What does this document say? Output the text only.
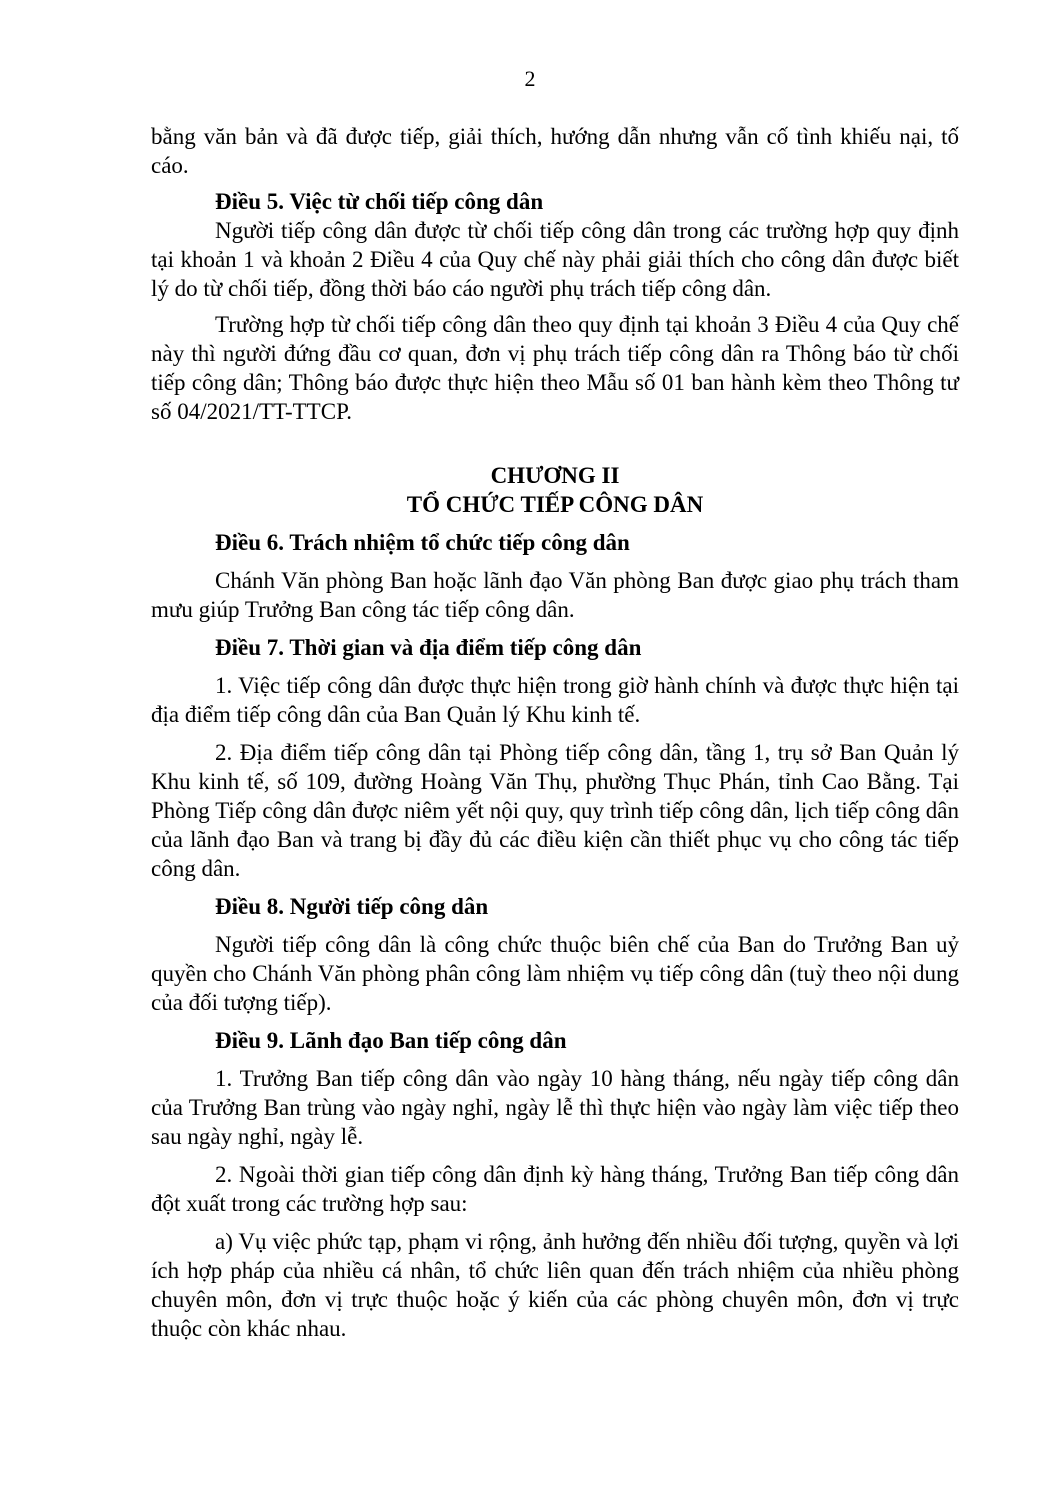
2

bằng văn bản và đã được tiếp, giải thích, hướng dẫn nhưng vẫn cố tình khiếu nại, tố cáo.

Điều 5. Việc từ chối tiếp công dân

Người tiếp công dân được từ chối tiếp công dân trong các trường hợp quy định tại khoản 1 và khoản 2 Điều 4 của Quy chế này phải giải thích cho công dân được biết lý do từ chối tiếp, đồng thời báo cáo người phụ trách tiếp công dân.

Trường hợp từ chối tiếp công dân theo quy định tại khoản 3 Điều 4 của Quy chế này thì người đứng đầu cơ quan, đơn vị phụ trách tiếp công dân ra Thông báo từ chối tiếp công dân; Thông báo được thực hiện theo Mẫu số 01 ban hành kèm theo Thông tư số 04/2021/TT-TTCP.

CHƯƠNG II

TỔ CHỨC TIẾP CÔNG DÂN

Điều 6. Trách nhiệm tổ chức tiếp công dân

Chánh Văn phòng Ban hoặc lãnh đạo Văn phòng Ban được giao phụ trách tham mưu giúp Trưởng Ban công tác tiếp công dân.

Điều 7. Thời gian và địa điểm tiếp công dân

1. Việc tiếp công dân được thực hiện trong giờ hành chính và được thực hiện tại địa điểm tiếp công dân của Ban Quản lý Khu kinh tế.

2. Địa điểm tiếp công dân tại Phòng tiếp công dân, tầng 1, trụ sở Ban Quản lý Khu kinh tế, số 109, đường Hoàng Văn Thụ, phường Thục Phán, tỉnh Cao Bằng. Tại Phòng Tiếp công dân được niêm yết nội quy, quy trình tiếp công dân, lịch tiếp công dân của lãnh đạo Ban và trang bị đầy đủ các điều kiện cần thiết phục vụ cho công tác tiếp công dân.

Điều 8. Người tiếp công dân

Người tiếp công dân là công chức thuộc biên chế của Ban do Trưởng Ban uỷ quyền cho Chánh Văn phòng phân công làm nhiệm vụ tiếp công dân (tuỳ theo nội dung của đối tượng tiếp).

Điều 9. Lãnh đạo Ban tiếp công dân

1. Trưởng Ban tiếp công dân vào ngày 10 hàng tháng, nếu ngày tiếp công dân của Trưởng Ban trùng vào ngày nghỉ, ngày lễ thì thực hiện vào ngày làm việc tiếp theo sau ngày nghỉ, ngày lễ.

2. Ngoài thời gian tiếp công dân định kỳ hàng tháng, Trưởng Ban tiếp công dân đột xuất trong các trường hợp sau:

a) Vụ việc phức tạp, phạm vi rộng, ảnh hưởng đến nhiều đối tượng, quyền và lợi ích hợp pháp của nhiều cá nhân, tổ chức liên quan đến trách nhiệm của nhiều phòng chuyên môn, đơn vị trực thuộc hoặc ý kiến của các phòng chuyên môn, đơn vị trực thuộc còn khác nhau.
